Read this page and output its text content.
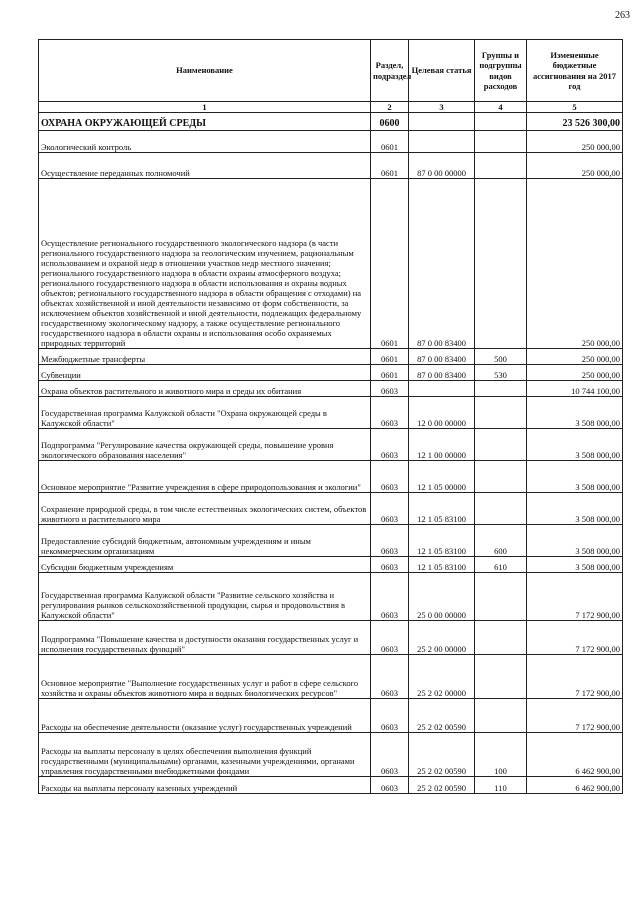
263
Наименование	Раздел, подраздел	Целевая статья	Группы и подгруппы видов расходов	Измененные бюджетные ассигнования на 2017 год
1	2	3	4	5
ОХРАНА ОКРУЖАЮЩЕЙ СРЕДЫ	0600			23 526 300,00
Экологический контроль	0601			250 000,00
Осуществление переданных полномочий	0601	87 0 00 00000		250 000,00
Осуществление регионального государственного экологического надзора (в части регионального государственного надзора за геологическим изучением, рациональным использованием и охраной недр в отношении участков недр местного значения; регионального государственного надзора в области охраны атмосферного воздуха; регионального государственного надзора в области использования и охраны водных объектов; регионального государственного надзора в области обращения с отходами) на объектах хозяйственной и иной деятельности независимо от форм собственности, за исключением объектов хозяйственной и иной деятельности, подлежащих федеральному государственному экологическому надзору, а также осуществление регионального государственного надзора в области охраны и использования особо охраняемых природных территорий	0601	87 0 00 83400		250 000,00
Межбюджетные трансферты	0601	87 0 00 83400	500	250 000,00
Субвенции	0601	87 0 00 83400	530	250 000,00
Охрана объектов растительного и животного мира и среды их обитания	0603			10 744 100,00
Государственная программа Калужской области "Охрана окружающей среды в Калужской области"	0603	12 0 00 00000		3 508 000,00
Подпрограмма "Регулирование качества окружающей среды, повышение уровня экологического образования населения"	0603	12 1 00 00000		3 508 000,00
Основное мероприятие "Развитие учреждения в сфере природопользования и экологии"	0603	12 1 05 00000		3 508 000,00
Сохранение природной среды, в том числе естественных экологических систем, объектов животного и растительного мира	0603	12 1 05 83100		3 508 000,00
Предоставление субсидий бюджетным, автономным учреждениям и иным некоммерческим организациям	0603	12 1 05 83100	600	3 508 000,00
Субсидии бюджетным учреждениям	0603	12 1 05 83100	610	3 508 000,00
Государственная программа Калужской области "Развитие сельского хозяйства и регулирования рынков сельскохозяйственной продукции, сырья и продовольствия в Калужской области"	0603	25 0 00 00000		7 172 900,00
Подпрограмма "Повышение качества и доступности оказания государственных услуг и исполнения государственных функций"	0603	25 2 00 00000		7 172 900,00
Основное мероприятие "Выполнение государственных услуг и работ в сфере сельского хозяйства и охраны объектов животного мира и водных биологических ресурсов"	0603	25 2 02 00000		7 172 900,00
Расходы на обеспечение деятельности (оказание услуг) государственных учреждений	0603	25 2 02 00590		7 172 900,00
Расходы на выплаты персоналу в целях обеспечения выполнения функций государственными (муниципальными) органами, казенными учреждениями, органами управления государственными внебюджетными фондами	0603	25 2 02 00590	100	6 462 900,00
Расходы на выплаты персоналу казенных учреждений	0603	25 2 02 00590	110	6 462 900,00
